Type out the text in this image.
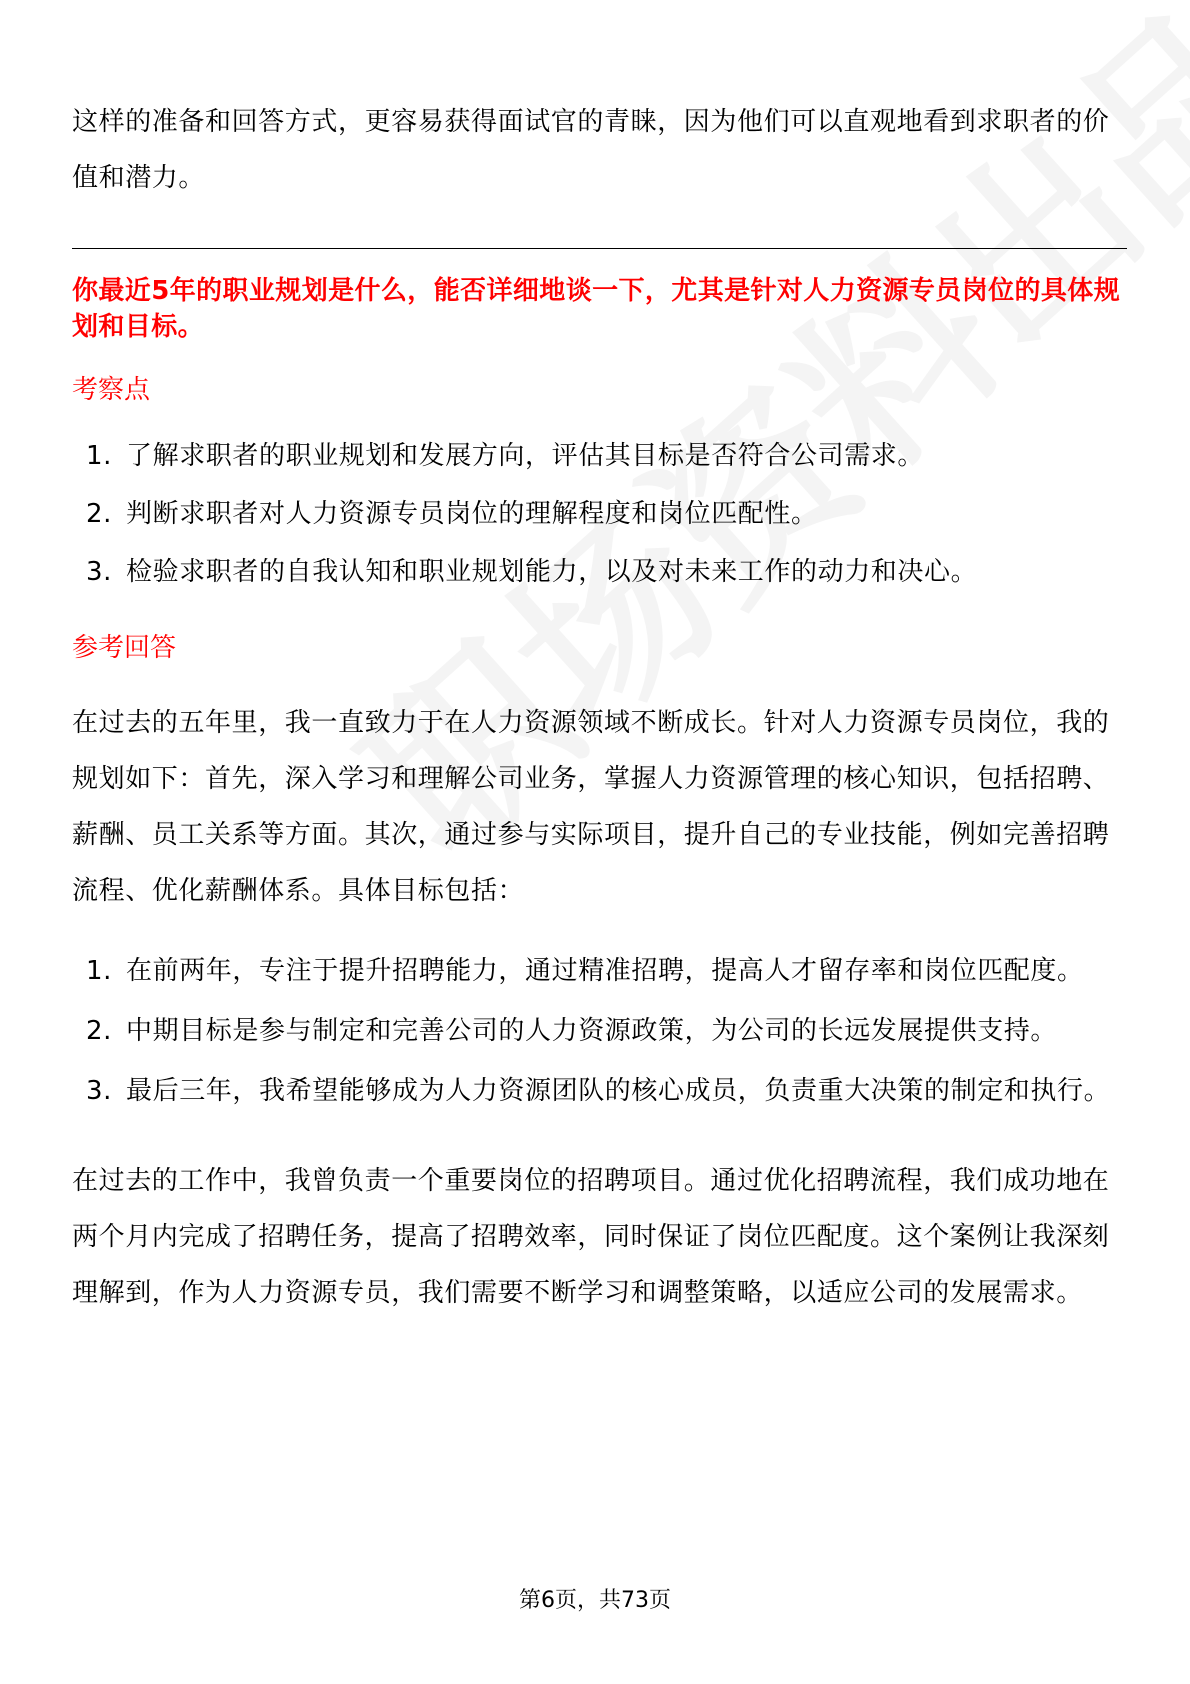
这样的准备和回答方式，更容易获得面试官的青睐，因为他们可以直观地看到求职者的价值和潜力。

你最近5年的职业规划是什么，能否详细地谈一下，尤其是针对人力资源专员岗位的具体规划和目标。

考察点
1. 了解求职者的职业规划和发展方向，评估其目标是否符合公司需求。
2. 判断求职者对人力资源专员岗位的理解程度和岗位匹配性。
3. 检验求职者的自我认知和职业规划能力，以及对未来工作的动力和决心。
参考回答

在过去的五年里，我一直致力于在人力资源领域不断成长。针对人力资源专员岗位，我的规划如下：首先，深入学习和理解公司业务，掌握人力资源管理的核心知识，包括招聘、薪酬、员工关系等方面。其次，通过参与实际项目，提升自己的专业技能，例如完善招聘流程、优化薪酬体系。具体目标包括：

1. 在前两年，专注于提升招聘能力，通过精准招聘，提高人才留存率和岗位匹配度。
2. 中期目标是参与制定和完善公司的人力资源政策，为公司的长远发展提供支持。
3. 最后三年，我希望能够成为人力资源团队的核心成员，负责重大决策的制定和执行。

在过去的工作中，我曾负责一个重要岗位的招聘项目。通过优化招聘流程，我们成功地在两个月内完成了招聘任务，提高了招聘效率，同时保证了岗位匹配度。这个案例让我深刻理解到，作为人力资源专员，我们需要不断学习和调整策略，以适应公司的发展需求。

第6页，共73页
